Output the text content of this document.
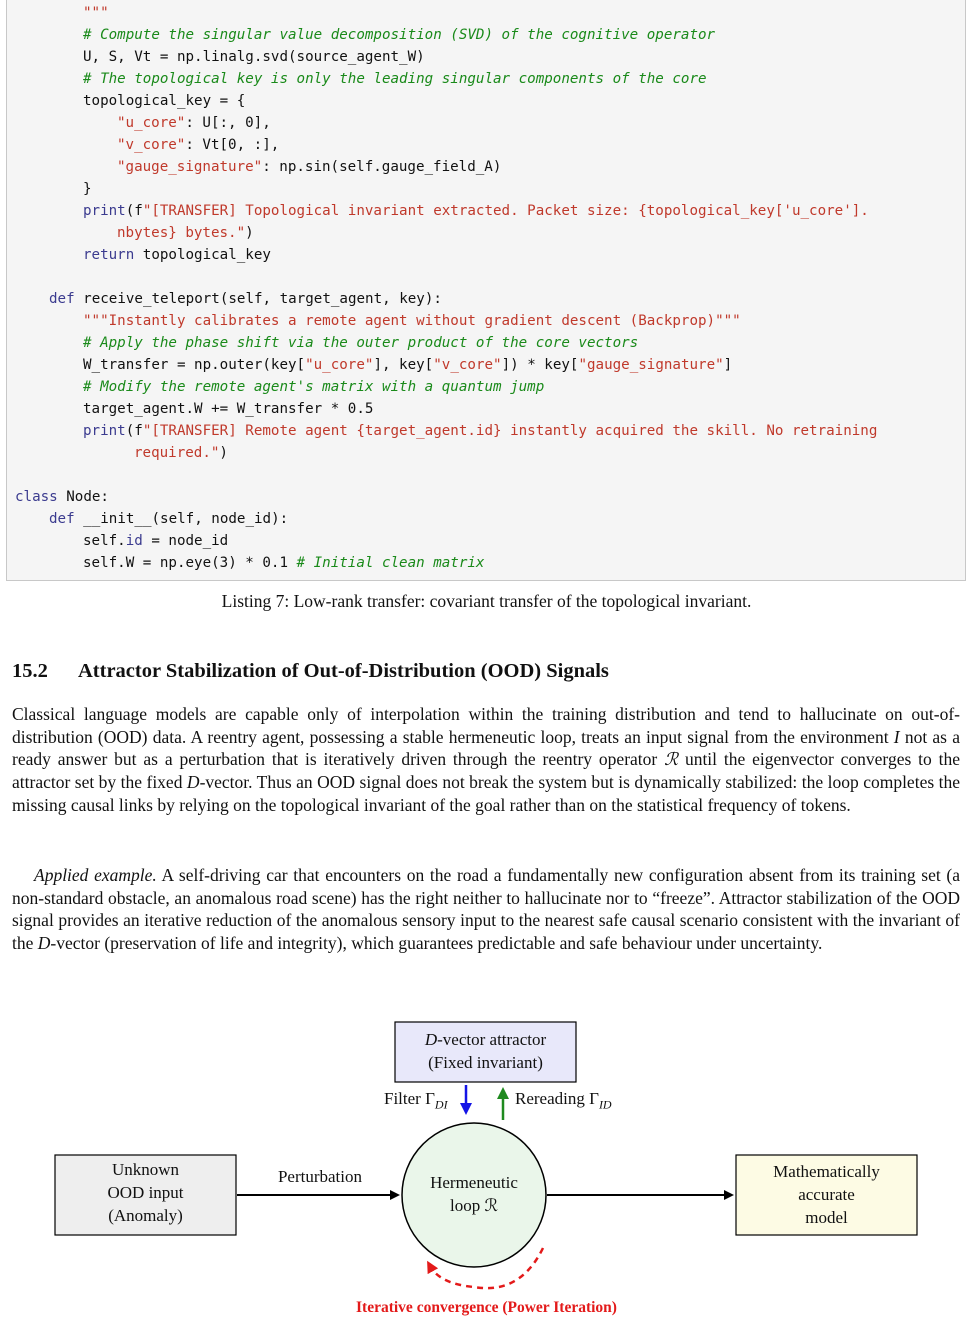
"""
# Compute the singular value decomposition (SVD) of the cognitive operator
U, S, Vt = np.linalg.svd(source_agent_W)
# The topological key is only the leading singular components of the core
topological_key = {
"u_core": U[:, 0],
"v_core": Vt[0, :],
"gauge_signature": np.sin(self.gauge_field_A)
}
print(f"[TRANSFER] Topological invariant extracted. Packet size: {topological_key['u_core'].
nbytes} bytes.")
return topological_key
def receive_teleport(self, target_agent, key):
"""Instantly calibrates a remote agent without gradient descent (Backprop)"""
# Apply the phase shift via the outer product of the core vectors
W_transfer = np.outer(key["u_core"], key["v_core"]) * key["gauge_signature"]
# Modify the remote agent's matrix with a quantum jump
target_agent.W += W_transfer * 0.5
print(f"[TRANSFER] Remote agent {target_agent.id} instantly acquired the skill. No retraining
required.")
class Node:
def __init__(self, node_id):
self.id = node_id
self.W = np.eye(3) * 0.1 # Initial clean matrix
Listing 7: Low-rank transfer: covariant transfer of the topological invariant.
15.2 Attractor Stabilization of Out-of-Distribution (OOD) Signals

Classical language models are capable only of interpolation within the training distribution and tend to hallucinate on out-of-distribution (OOD) data. A reentry agent, possessing a stable hermeneutic loop, treats an input signal from the environment I not as a ready answer but as a perturbation that is iteratively driven through the reentry operator ℛ until the eigenvector converges to the attractor set by the fixed D-vector. Thus an OOD signal does not break the system but is dynamically stabilized: the loop completes the missing causal links by relying on the topological invariant of the goal rather than on the statistical frequency of tokens.

Applied example. A self-driving car that encounters on the road a fundamentally new configuration absent from its training set (a non-standard obstacle, an anomalous road scene) has the right neither to hallucinate nor to “freeze”. Attractor stabilization of the OOD signal provides an iterative reduction of the anomalous sensory input to the nearest safe causal scenario consistent with the invariant of the D-vector (preservation of life and integrity), which guarantees predictable and safe behaviour under uncertainty.

D-vector attractor
(Fixed invariant)
Unknown
OOD input
(Anomaly)
Hermeneutic
loop ℛ
Mathematically
accurate
model
Perturbation
Filter $\Gamma_{DI}$	Rereading $\Gamma_{ID}$
Iterative convergence (Power Iteration)
